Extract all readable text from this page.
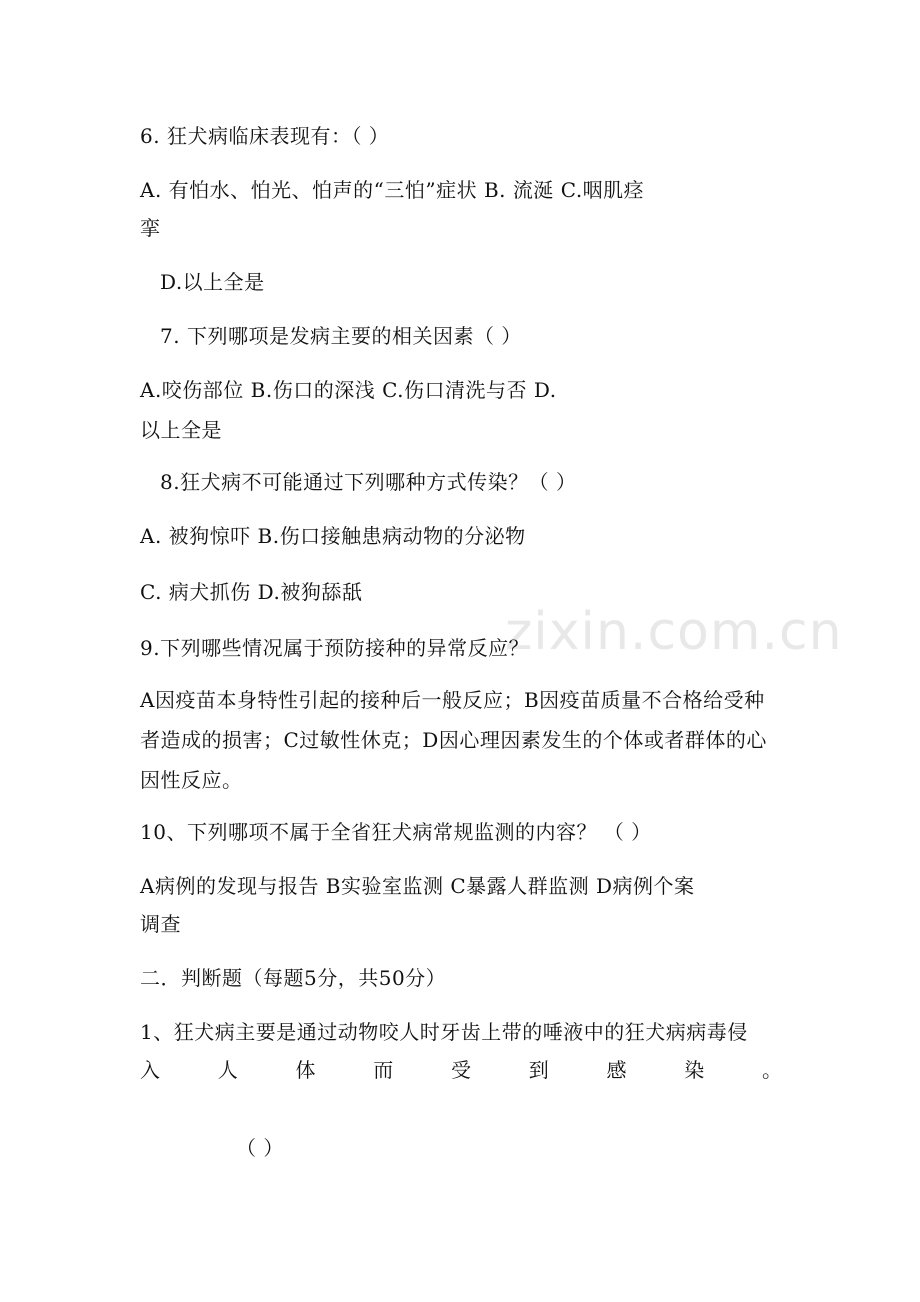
zixin.com.cn
6. 狂犬病临床表现有：（ ）
A. 有怕水、怕光、怕声的“三怕”症状 B. 流涎 C.咽肌痉
挛
D.以上全是
7. 下列哪项是发病主要的相关因素（ ）
A.咬伤部位 B.伤口的深浅 C.伤口清洗与否 D.
以上全是
8.狂犬病不可能通过下列哪种方式传染？（ ）
A. 被狗惊吓 B.伤口接触患病动物的分泌物
C. 病犬抓伤 D.被狗舔舐
9.下列哪些情况属于预防接种的异常反应？
A因疫苗本身特性引起的接种后一般反应；B因疫苗质量不合格给受种者造成的损害；C过敏性休克；D因心理因素发生的个体或者群体的心因性反应。
10、下列哪项不属于全省狂犬病常规监测的内容？ （ ）
A病例的发现与报告 B实验室监测 C暴露人群监测 D病例个案
调查
二．判断题（每题5分，共50分）
1、狂犬病主要是通过动物咬人时牙齿上带的唾液中的狂犬病病毒侵
入	人	体	而	受	到	感	染	。
（ ）
